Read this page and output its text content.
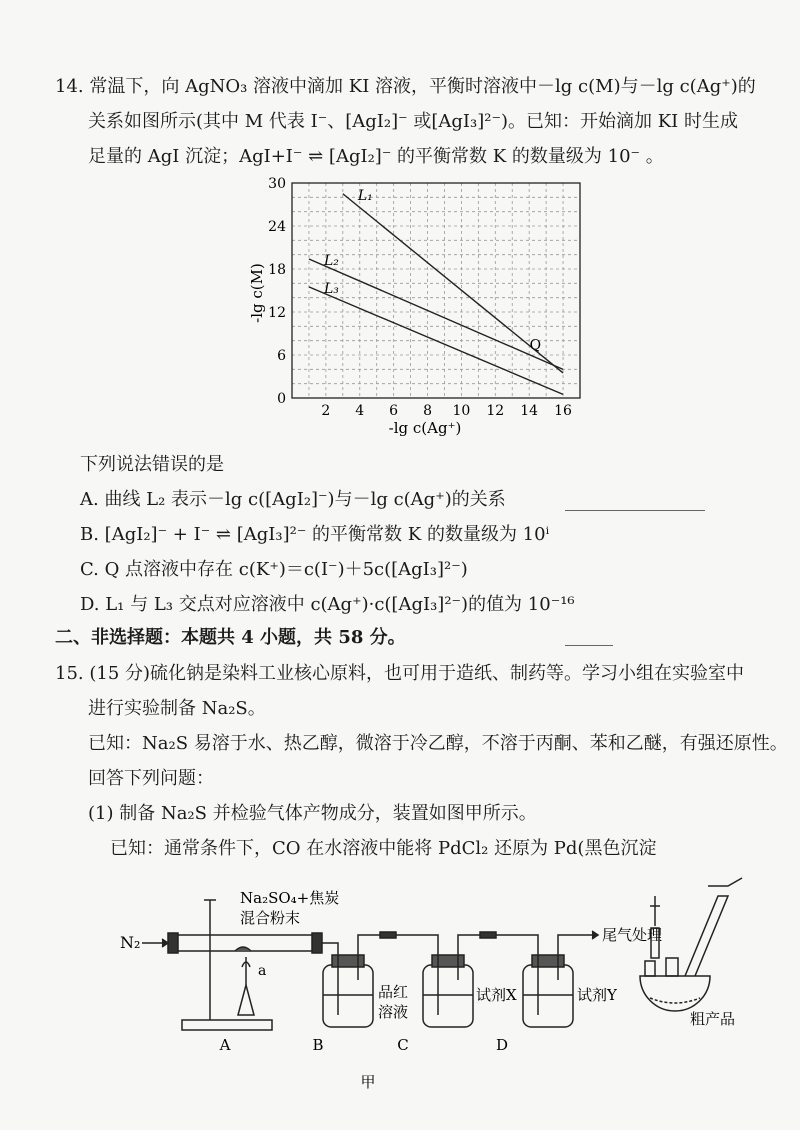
14. 常温下，向 AgNO₃ 溶液中滴加 KI 溶液，平衡时溶液中－lg c(M)与－lg c(Ag⁺)的
关系如图所示(其中 M 代表 I⁻、[AgI₂]⁻ 或[AgI₃]²⁻)。已知：开始滴加 KI 时生成
足量的 AgI 沉淀；AgI+I⁻ ⇌ [AgI₂]⁻ 的平衡常数 K 的数量级为 10⁻ 。
L₁
L₂
L₃
Q
2 4 6 8 10 12 14 16
0
6
12
18
24
30
-lg c(Ag⁺)
-lg c(M)
下列说法错误的是
A. 曲线 L₂ 表示－lg c([AgI₂]⁻)与－lg c(Ag⁺)的关系
B. [AgI₂]⁻ + I⁻ ⇌ [AgI₃]²⁻ 的平衡常数 K 的数量级为 10ⁱ
C. Q 点溶液中存在 c(K⁺)＝c(I⁻)＋5c([AgI₃]²⁻)
D. L₁ 与 L₃ 交点对应溶液中 c(Ag⁺)·c([AgI₃]²⁻)的值为 10⁻¹⁶
二、非选择题：本题共 4 小题，共 58 分。
15. (15 分)硫化钠是染料工业核心原料，也可用于造纸、制药等。学习小组在实验室中
进行实验制备 Na₂S。
已知：Na₂S 易溶于水、热乙醇，微溶于冷乙醇，不溶于丙酮、苯和乙醚，有强还原性。
回答下列问题：
(1) 制备 Na₂S 并检验气体产物成分，装置如图甲所示。
已知：通常条件下，CO 在水溶液中能将 PdCl₂ 还原为 Pd(黑色沉淀
N₂
Na₂SO₄+焦炭
混合粉末
a
品红
溶液
试剂X	试剂Y
尾气处理
A	B	C	D
甲
粗产品
